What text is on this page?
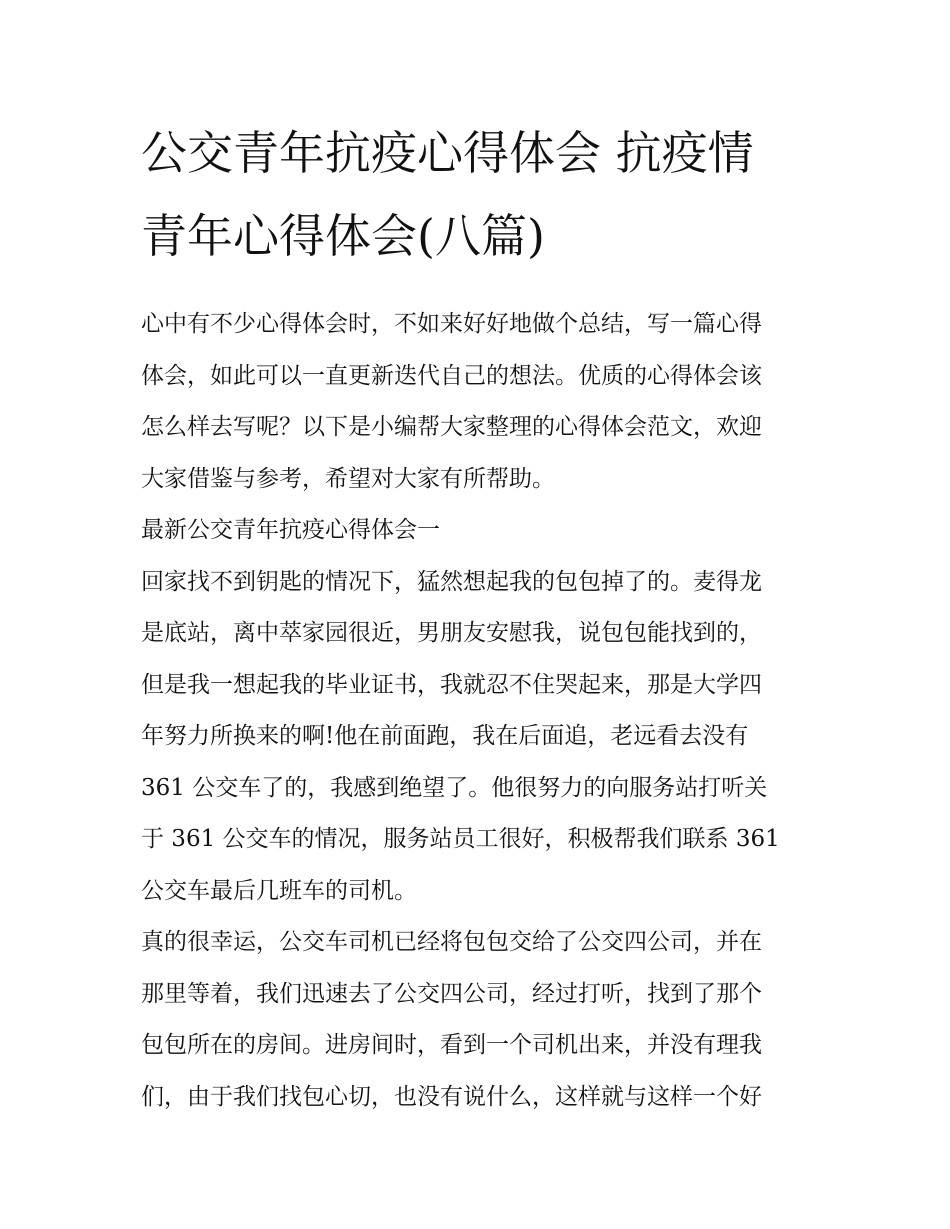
公交青年抗疫心得体会 抗疫情
青年心得体会(八篇)
心中有不少心得体会时，不如来好好地做个总结，写一篇心得
体会，如此可以一直更新迭代自己的想法。优质的心得体会该
怎么样去写呢？以下是小编帮大家整理的心得体会范文，欢迎
大家借鉴与参考，希望对大家有所帮助。
最新公交青年抗疫心得体会一
回家找不到钥匙的情况下，猛然想起我的包包掉了的。麦得龙
是底站，离中萃家园很近，男朋友安慰我，说包包能找到的，
但是我一想起我的毕业证书，我就忍不住哭起来，那是大学四
年努力所换来的啊!他在前面跑，我在后面追，老远看去没有
361 公交车了的，我感到绝望了。他很努力的向服务站打听关
于 361 公交车的情况，服务站员工很好，积极帮我们联系 361
公交车最后几班车的司机。
真的很幸运，公交车司机已经将包包交给了公交四公司，并在
那里等着，我们迅速去了公交四公司，经过打听，找到了那个
包包所在的房间。进房间时，看到一个司机出来，并没有理我
们，由于我们找包心切，也没有说什么，这样就与这样一个好
